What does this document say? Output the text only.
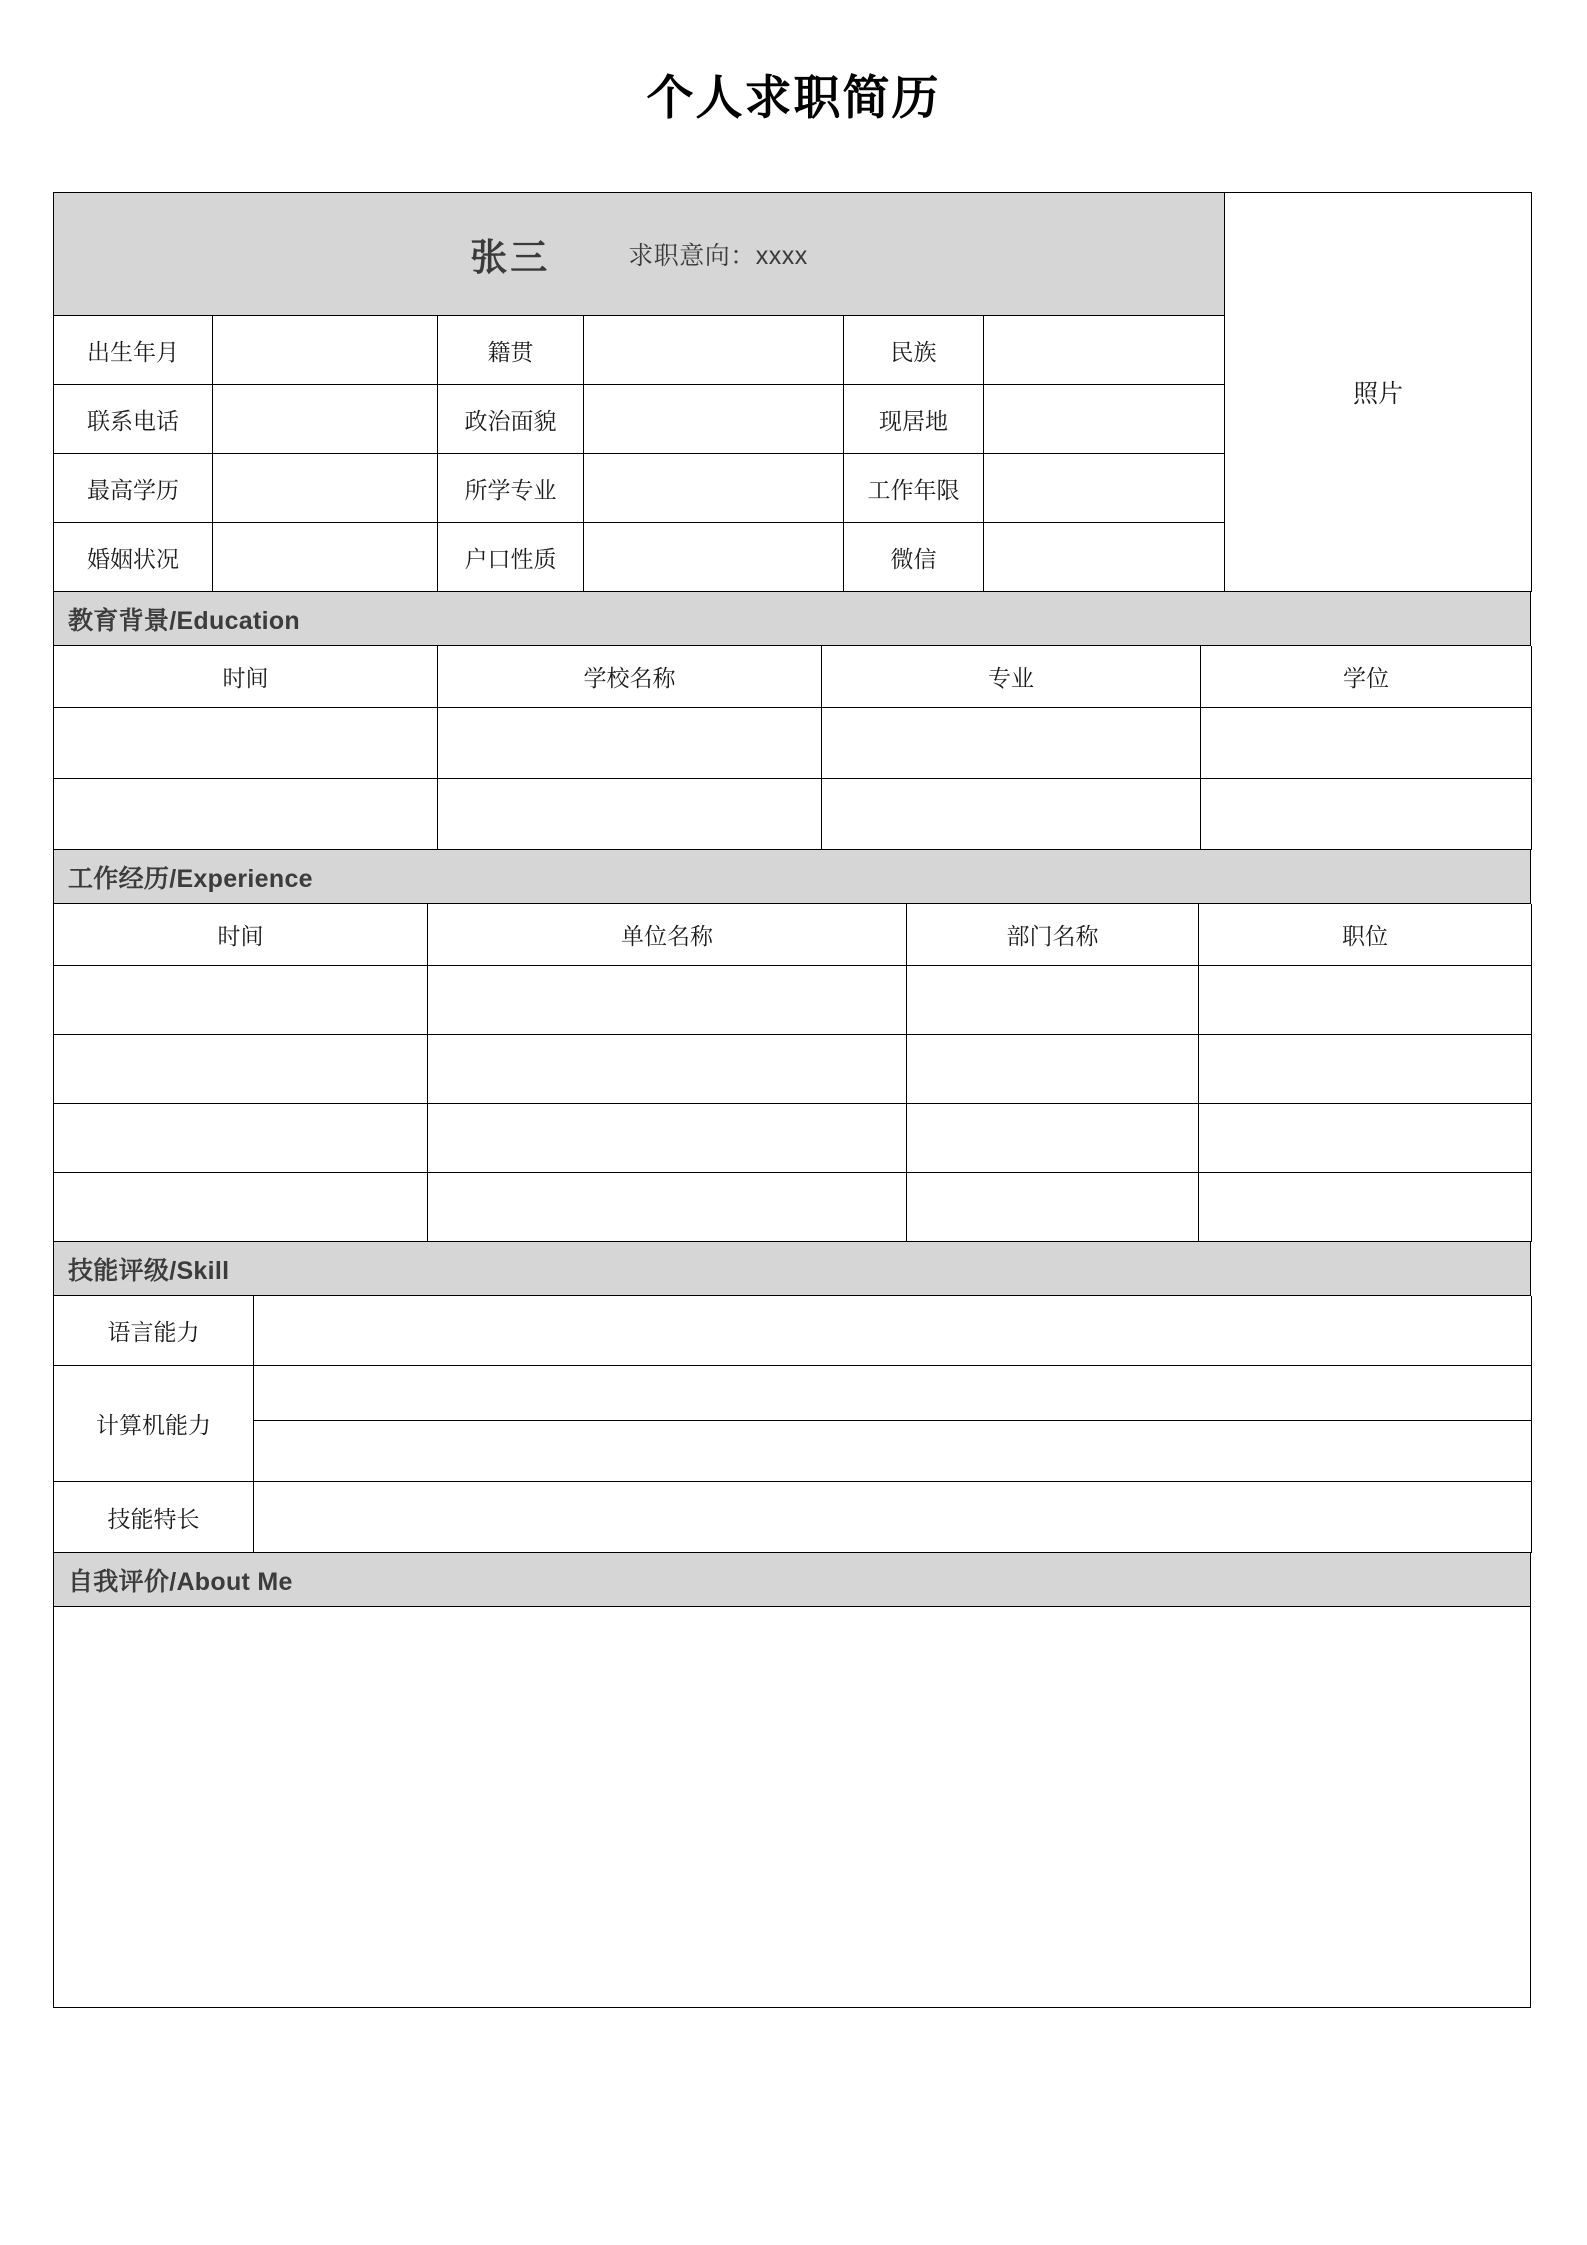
个人求职简历
张三 求职意向：xxxx						照片
出生年月		籍贯		民族		
联系电话		政治面貌		现居地		
最高学历		所学专业		工作年限		
婚姻状况		户口性质		微信		
教育背景/Education
时间	学校名称	专业	学位

工作经历/Experience
时间	单位名称	部门名称	职位

技能评级/Skill
语言能力	
计算机能力	

技能特长	
自我评价/About Me
